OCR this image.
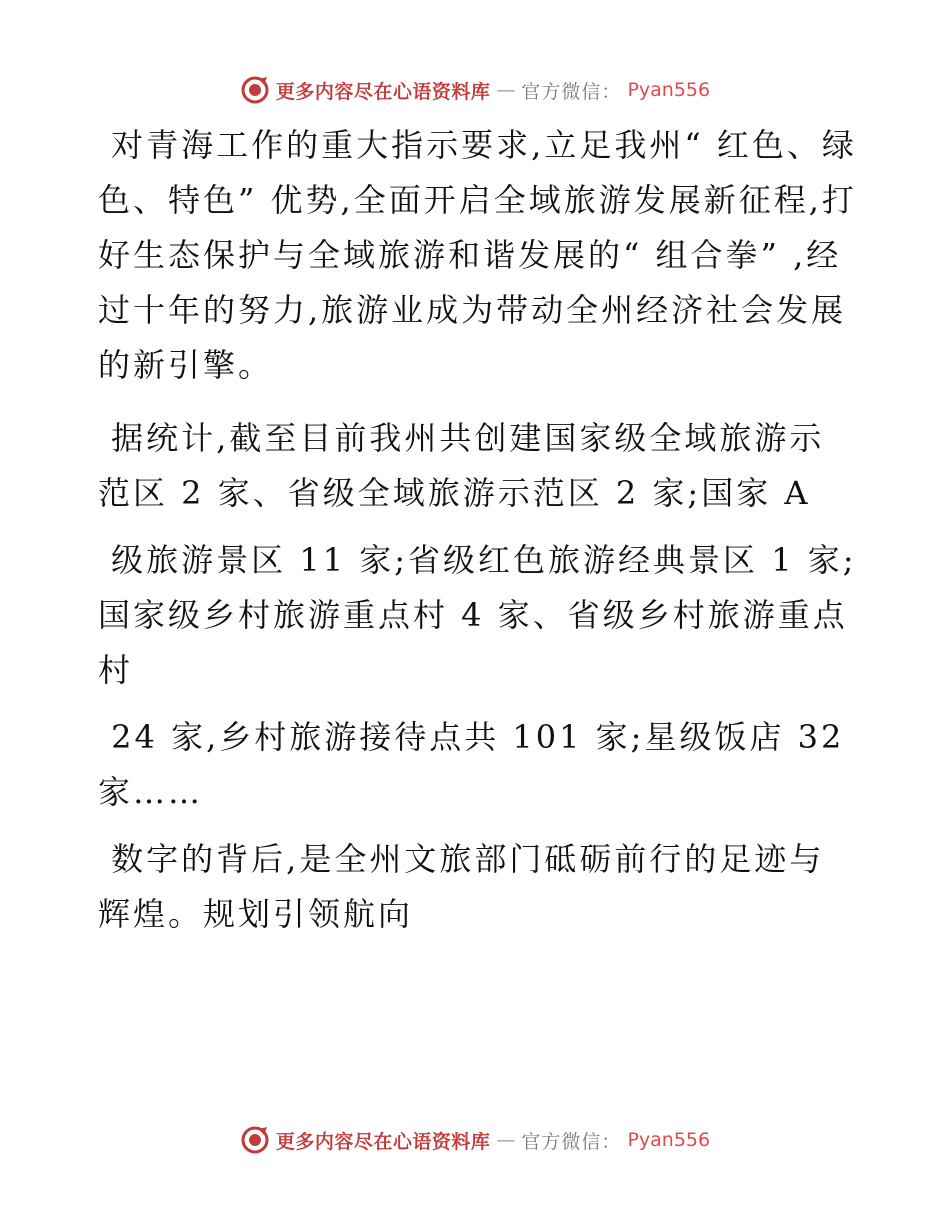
更多内容尽在心语资料库 — 官方微信： Pyan556

对青海工作的重大指示要求,立足我州“ 红色、绿色、特色” 优势,全面开启全域旅游发展新征程,打好生态保护与全域旅游和谐发展的“ 组合拳” ,经过十年的努力,旅游业成为带动全州经济社会发展的新引擎。

据统计,截至目前我州共创建国家级全域旅游示范区 2 家、省级全域旅游示范区 2 家;国家 A

级旅游景区 11 家;省级红色旅游经典景区 1 家;国家级乡村旅游重点村 4 家、省级乡村旅游重点村

24 家,乡村旅游接待点共 101 家;星级饭店 32 家……

数字的背后,是全州文旅部门砥砺前行的足迹与辉煌。规划引领航向

更多内容尽在心语资料库 — 官方微信： Pyan556
